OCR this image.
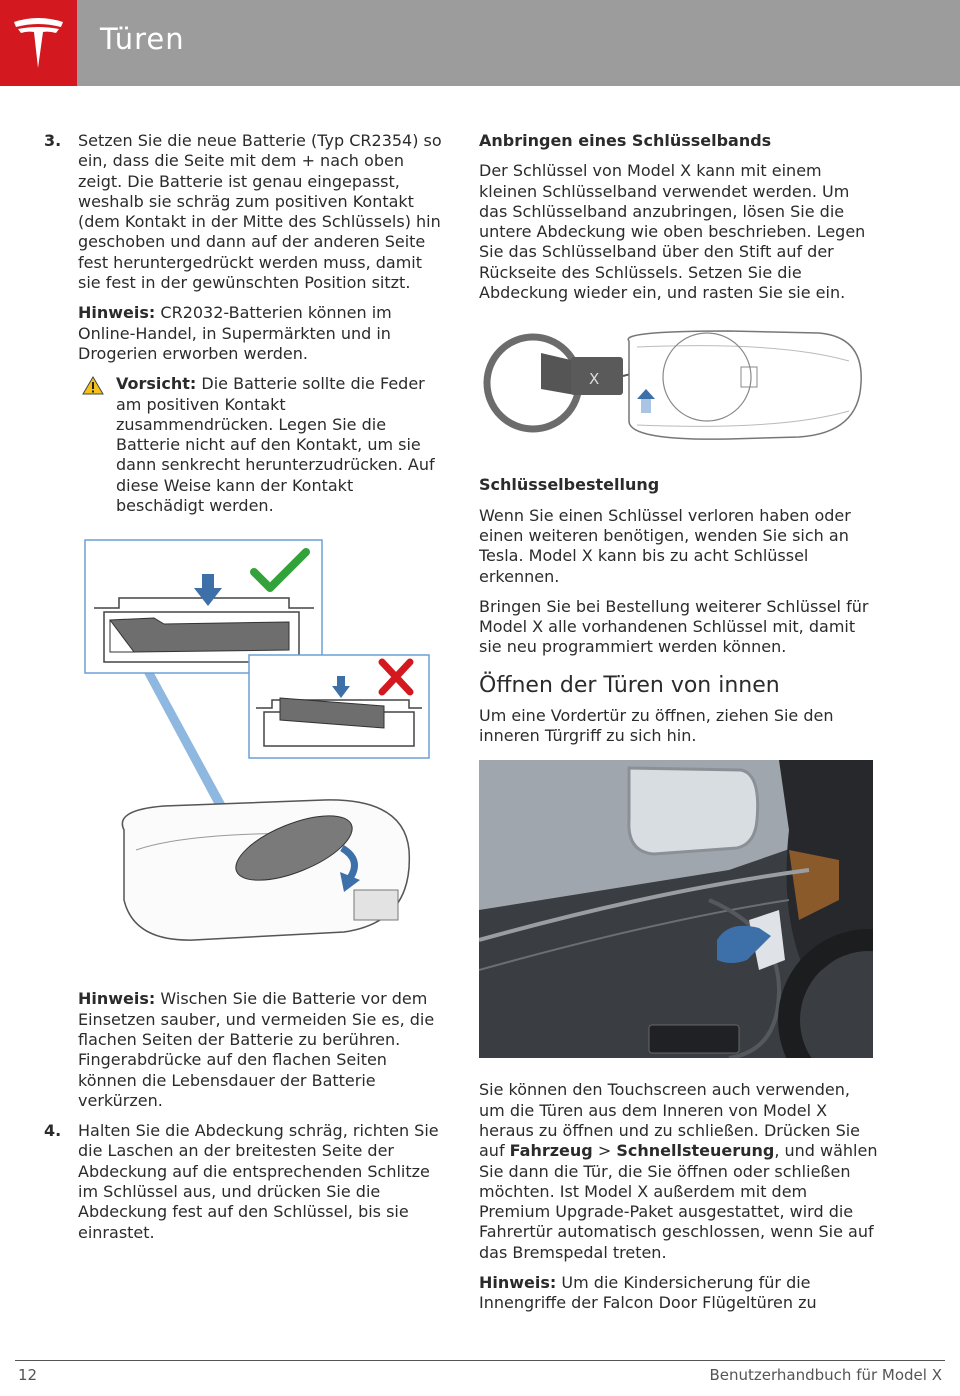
Türen

3. Setzen Sie die neue Batterie (Typ CR2354) so ein, dass die Seite mit dem + nach oben zeigt. Die Batterie ist genau eingepasst, weshalb sie schräg zum positiven Kontakt (dem Kontakt in der Mitte des Schlüssels) hin geschoben und dann auf der anderen Seite fest heruntergedrückt werden muss, damit sie fest in der gewünschten Position sitzt.

Hinweis: CR2032-Batterien können im Online-Handel, in Supermärkten und in Drogerien erworben werden.

Vorsicht: Die Batterie sollte die Feder am positiven Kontakt zusammendrücken. Legen Sie die Batterie nicht auf den Kontakt, um sie dann senkrecht herunterzudrücken. Auf diese Weise kann der Kontakt beschädigt werden.

Hinweis: Wischen Sie die Batterie vor dem Einsetzen sauber, und vermeiden Sie es, die flachen Seiten der Batterie zu berühren. Fingerabdrücke auf den flachen Seiten können die Lebensdauer der Batterie verkürzen.

4. Halten Sie die Abdeckung schräg, richten Sie die Laschen an der breitesten Seite der Abdeckung auf die entsprechenden Schlitze im Schlüssel aus, und drücken Sie die Abdeckung fest auf den Schlüssel, bis sie einrastet.

Anbringen eines Schlüsselbands

Der Schlüssel von Model X kann mit einem kleinen Schlüsselband verwendet werden. Um das Schlüsselband anzubringen, lösen Sie die untere Abdeckung wie oben beschrieben. Legen Sie das Schlüsselband über den Stift auf der Rückseite des Schlüssels. Setzen Sie die Abdeckung wieder ein, und rasten Sie sie ein.

X
Schlüsselbestellung

Wenn Sie einen Schlüssel verloren haben oder einen weiteren benötigen, wenden Sie sich an Tesla. Model X kann bis zu acht Schlüssel erkennen.

Bringen Sie bei Bestellung weiterer Schlüssel für Model X alle vorhandenen Schlüssel mit, damit sie neu programmiert werden können.

Öffnen der Türen von innen

Um eine Vordertür zu öffnen, ziehen Sie den inneren Türgriff zu sich hin.

Sie können den Touchscreen auch verwenden, um die Türen aus dem Inneren von Model X heraus zu öffnen und zu schließen. Drücken Sie auf Fahrzeug > Schnellsteuerung, und wählen Sie dann die Tür, die Sie öffnen oder schließen möchten. Ist Model X außerdem mit dem Premium Upgrade-Paket ausgestattet, wird die Fahrertür automatisch geschlossen, wenn Sie auf das Bremspedal treten.

Hinweis: Um die Kindersicherung für die Innengriffe der Falcon Door Flügeltüren zu

12	Benutzerhandbuch für Model X
